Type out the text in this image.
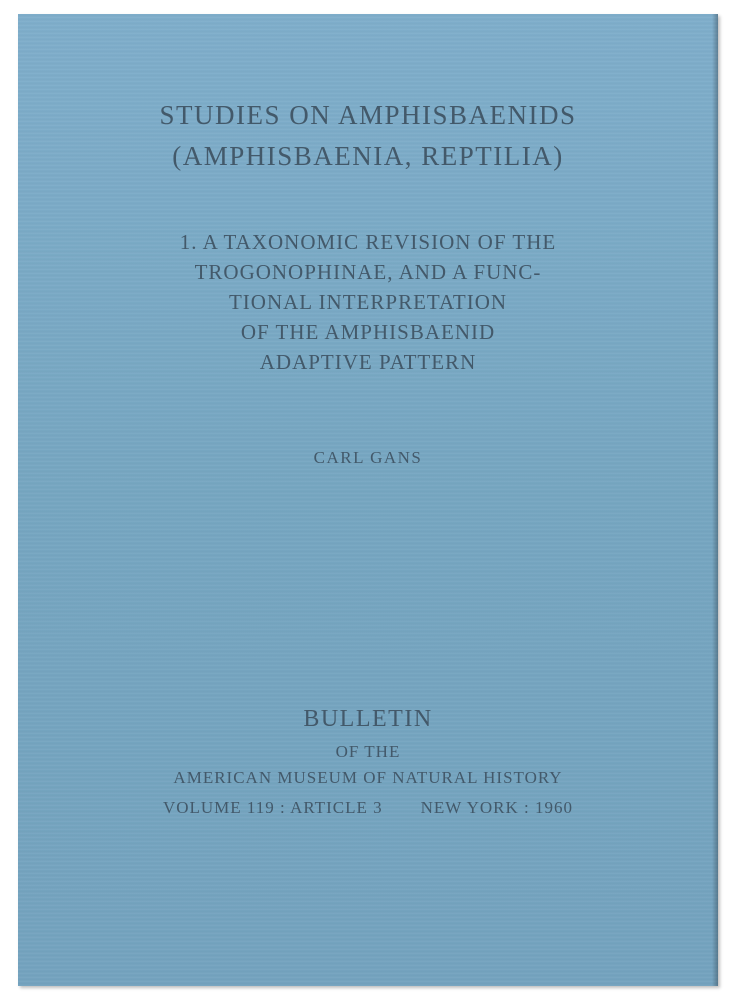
STUDIES ON AMPHISBAENIDS
(AMPHISBAENIA, REPTILIA)
1. A TAXONOMIC REVISION OF THE
TROGONOPHINAE, AND A FUNC-
TIONAL INTERPRETATION
OF THE AMPHISBAENID
ADAPTIVE PATTERN
CARL GANS
BULLETIN
OF THE
AMERICAN MUSEUM OF NATURAL HISTORY
VOLUME 119 : ARTICLE 3 NEW YORK : 1960
